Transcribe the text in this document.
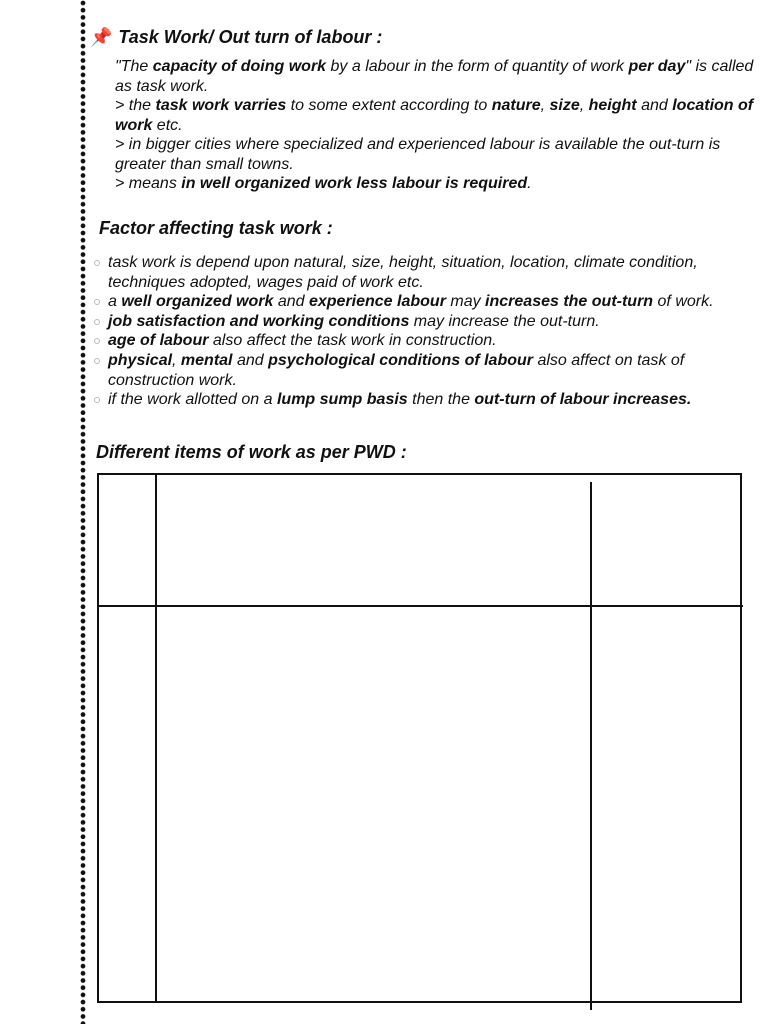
📌 Task Work/ Out turn of labour :

"The capacity of doing work by a labour in the form of quantity of work per day" is called as task work.

> the task work varries to some extent according to nature, size, height and location of work etc.

> in bigger cities where specialized and experienced labour is available the out-turn is greater than small towns.

> means in well organized work less labour is required.

Factor affecting task work :
task work is depend upon natural, size, height, situation, location, climate condition, techniques adopted, wages paid of work etc.
a well organized work and experience labour may increases the out-turn of work.
job satisfaction and working conditions may increase the out-turn.
age of labour also affect the task work in construction.
physical, mental and psychological conditions of labour also affect on task of construction work.
if the work allotted on a lump sump basis then the out-turn of labour increases.
Different items of work as per PWD :
